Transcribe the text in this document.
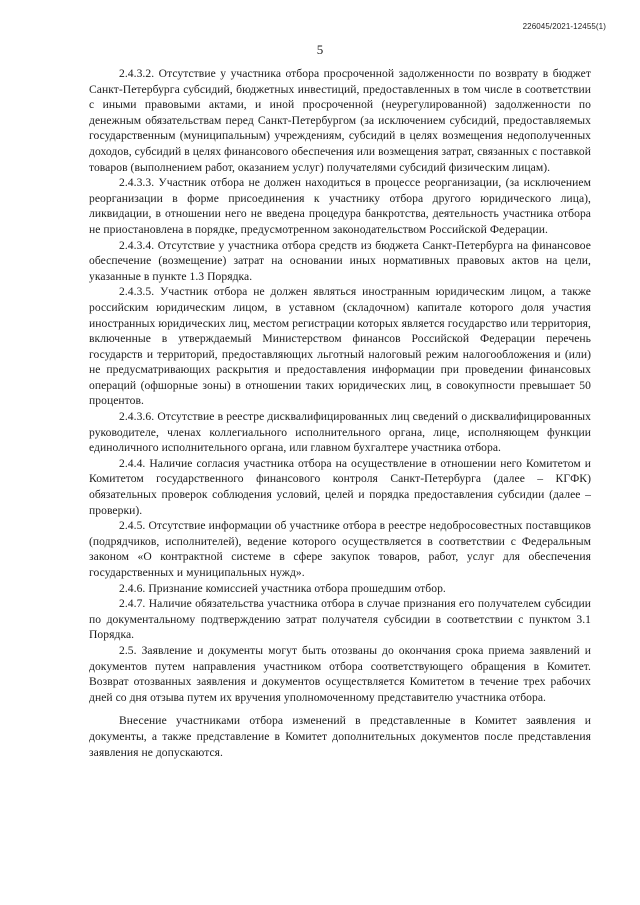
226045/2021-12455(1)
5

2.4.3.2. Отсутствие у участника отбора просроченной задолженности по возврату в бюджет Санкт-Петербурга субсидий, бюджетных инвестиций, предоставленных в том числе в соответствии с иными правовыми актами, и иной просроченной (неурегулированной) задолженности по денежным обязательствам перед Санкт-Петербургом (за исключением субсидий, предоставляемых государственным (муниципальным) учреждениям, субсидий в целях возмещения недополученных доходов, субсидий в целях финансового обеспечения или возмещения затрат, связанных с поставкой товаров (выполнением работ, оказанием услуг) получателями субсидий физическим лицам).

2.4.3.3. Участник отбора не должен находиться в процессе реорганизации, (за исключением реорганизации в форме присоединения к участнику отбора другого юридического лица), ликвидации, в отношении него не введена процедура банкротства, деятельность участника отбора не приостановлена в порядке, предусмотренном законодательством Российской Федерации.

2.4.3.4. Отсутствие у участника отбора средств из бюджета Санкт-Петербурга на финансовое обеспечение (возмещение) затрат на основании иных нормативных правовых актов на цели, указанные в пункте 1.3 Порядка.

2.4.3.5. Участник отбора не должен являться иностранным юридическим лицом, а также российским юридическим лицом, в уставном (складочном) капитале которого доля участия иностранных юридических лиц, местом регистрации которых является государство или территория, включенные в утверждаемый Министерством финансов Российской Федерации перечень государств и территорий, предоставляющих льготный налоговый режим налогообложения и (или) не предусматривающих раскрытия и предоставления информации при проведении финансовых операций (офшорные зоны) в отношении таких юридических лиц, в совокупности превышает 50 процентов.

2.4.3.6. Отсутствие в реестре дисквалифицированных лиц сведений о дисквалифицированных руководителе, членах коллегиального исполнительного органа, лице, исполняющем функции единоличного исполнительного органа, или главном бухгалтере участника отбора.

2.4.4. Наличие согласия участника отбора на осуществление в отношении него Комитетом и Комитетом государственного финансового контроля Санкт-Петербурга (далее – КГФК) обязательных проверок соблюдения условий, целей и порядка предоставления субсидии (далее – проверки).

2.4.5. Отсутствие информации об участнике отбора в реестре недобросовестных поставщиков (подрядчиков, исполнителей), ведение которого осуществляется в соответствии с Федеральным законом «О контрактной системе в сфере закупок товаров, работ, услуг для обеспечения государственных и муниципальных нужд».

2.4.6. Признание комиссией участника отбора прошедшим отбор.

2.4.7. Наличие обязательства участника отбора в случае признания его получателем субсидии по документальному подтверждению затрат получателя субсидии в соответствии с пунктом 3.1 Порядка.

2.5. Заявление и документы могут быть отозваны до окончания срока приема заявлений и документов путем направления участником отбора соответствующего обращения в Комитет. Возврат отозванных заявления и документов осуществляется Комитетом в течение трех рабочих дней со дня отзыва путем их вручения уполномоченному представителю участника отбора.

Внесение участниками отбора изменений в представленные в Комитет заявления и документы, а также представление в Комитет дополнительных документов после представления заявления не допускаются.
